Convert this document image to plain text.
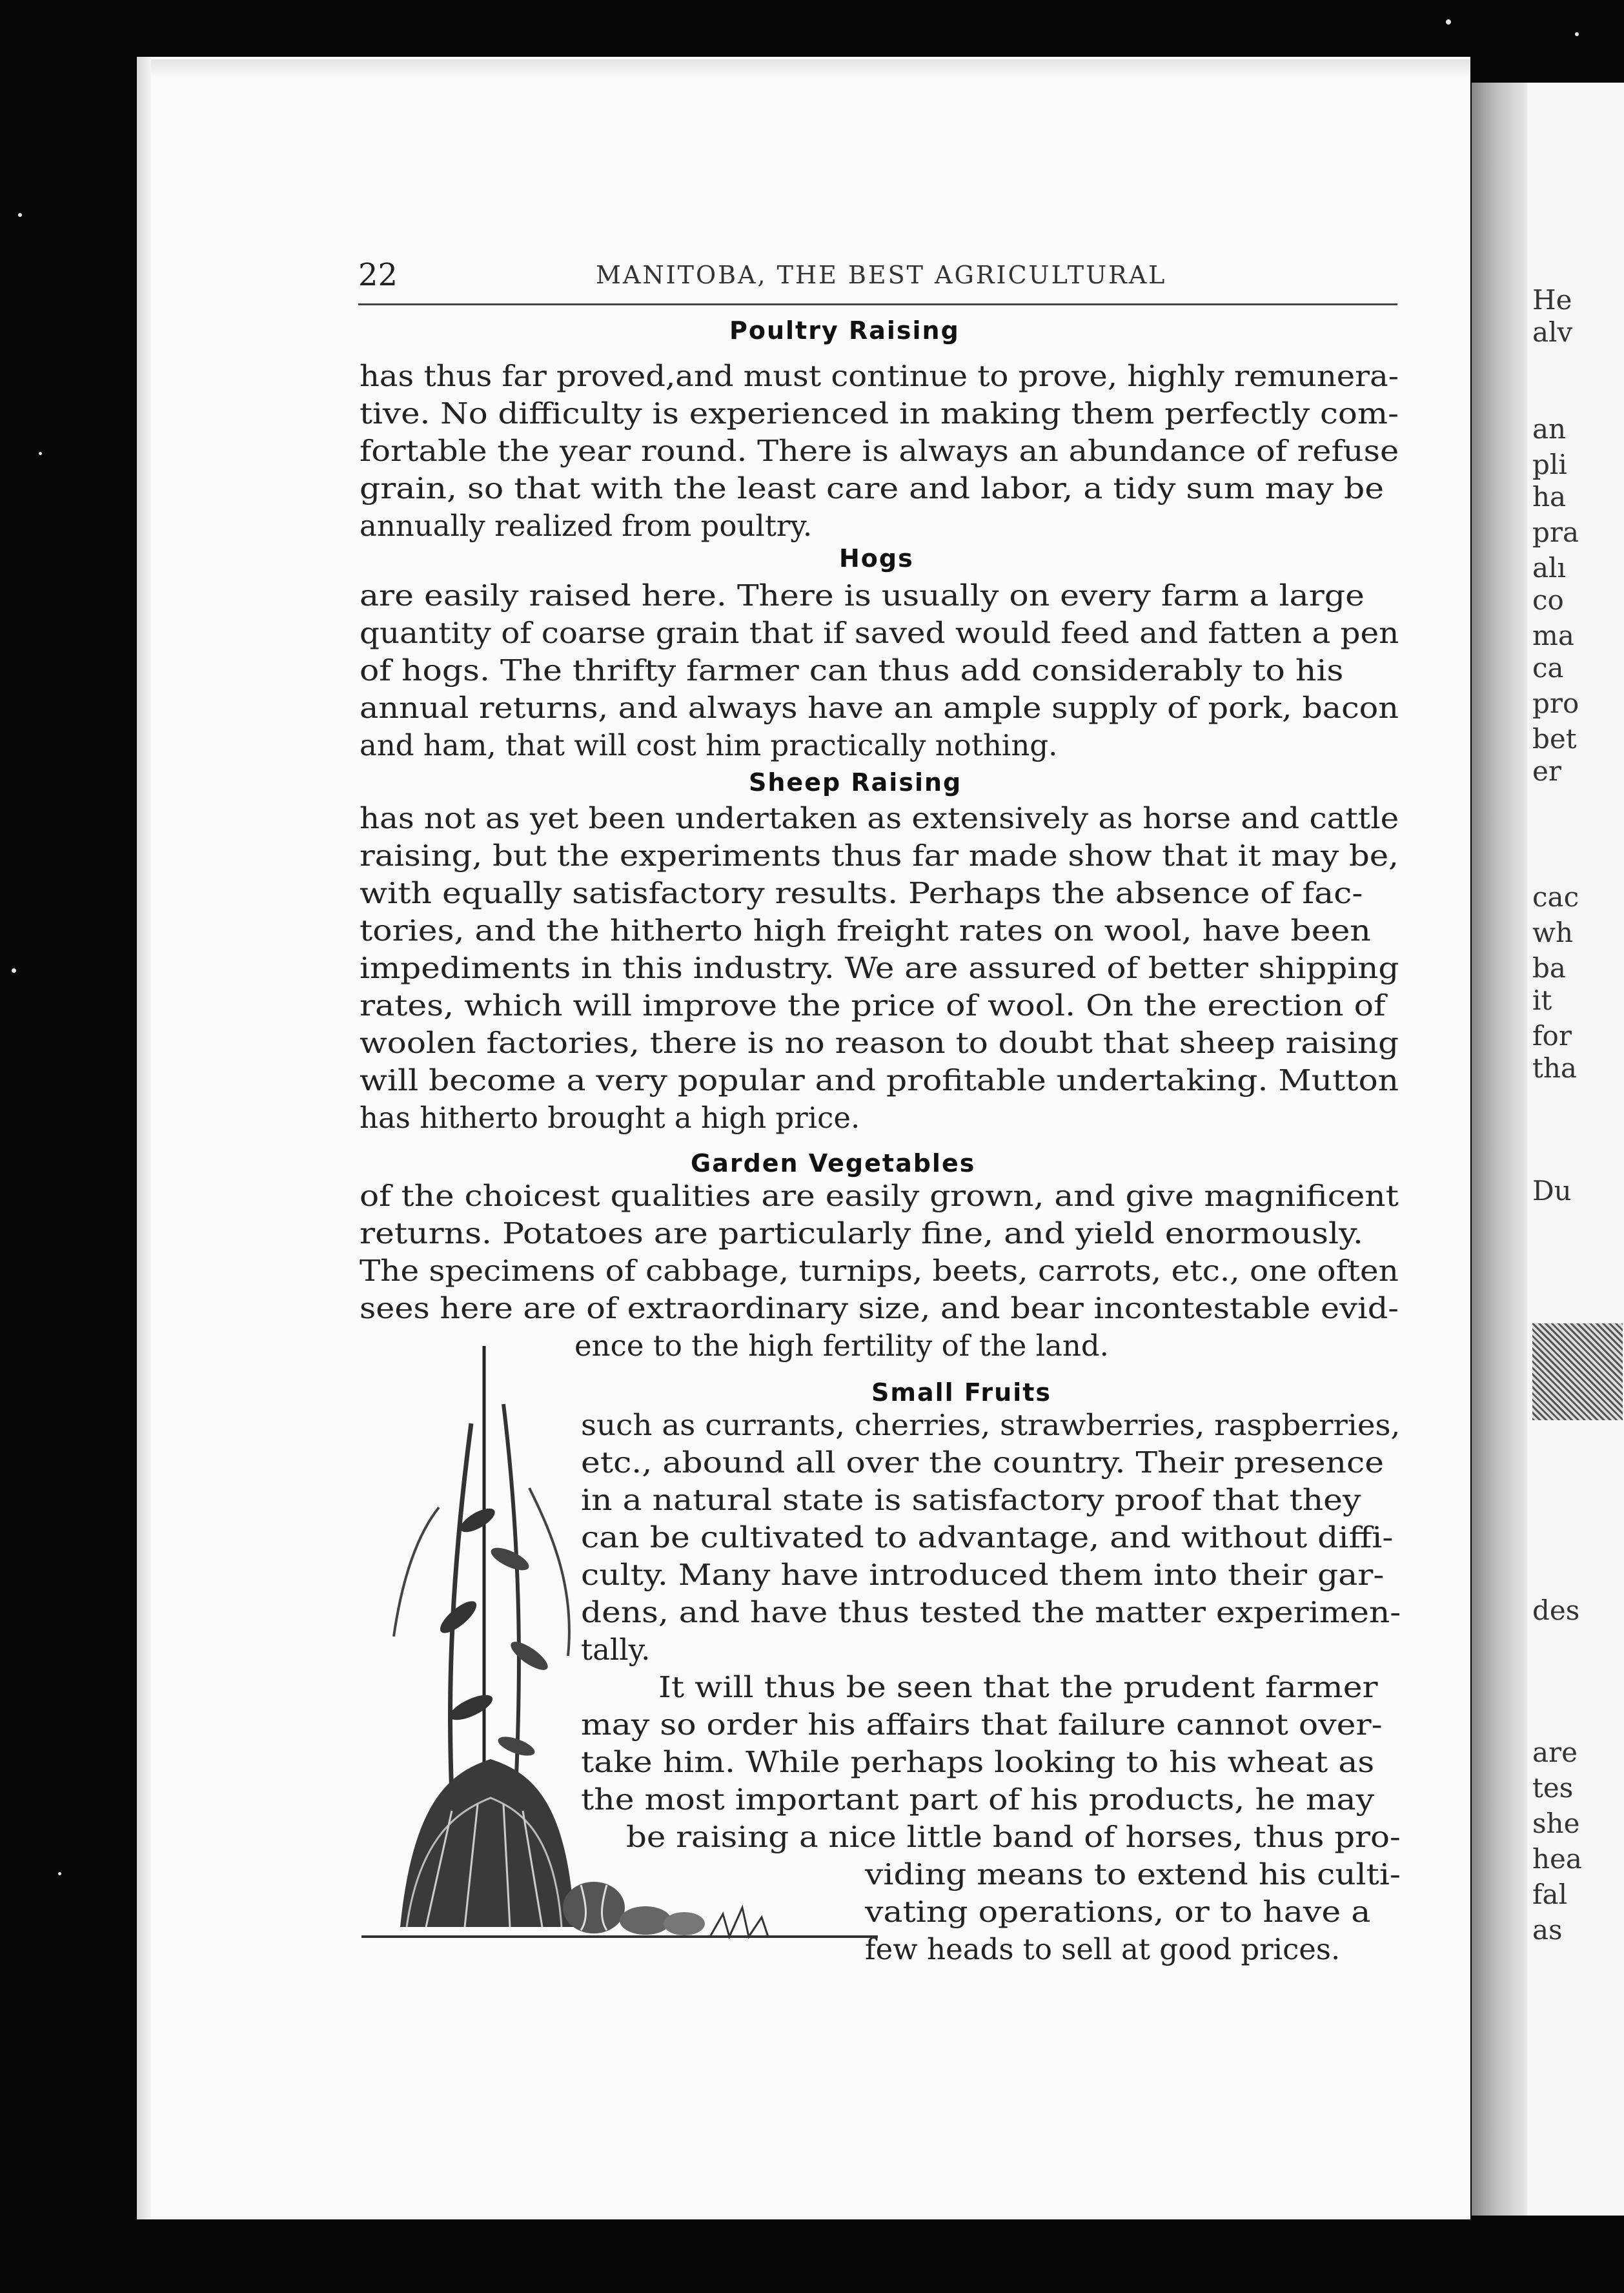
He
alv
an
pli
ha
pra
alı
co
ma
ca
pro
bet
er
cac
wh
ba
it
for
tha
Du
des
are
tes
she
hea
fal
as
22	MANITOBA, THE BEST AGRICULTURAL
Poultry Raising
has thus far proved,and must continue to prove, highly remunera-
tive. No difficulty is experienced in making them perfectly com-
fortable the year round. There is always an abundance of refuse
grain, so that with the least care and labor, a tidy sum may be
annually realized from poultry.
Hogs
are easily raised here. There is usually on every farm a large
quantity of coarse grain that if saved would feed and fatten a pen
of hogs. The thrifty farmer can thus add considerably to his
annual returns, and always have an ample supply of pork, bacon
and ham, that will cost him practically nothing.
Sheep Raising
has not as yet been undertaken as extensively as horse and cattle
raising, but the experiments thus far made show that it may be,
with equally satisfactory results. Perhaps the absence of fac-
tories, and the hitherto high freight rates on wool, have been
impediments in this industry. We are assured of better shipping
rates, which will improve the price of wool. On the erection of
woolen factories, there is no reason to doubt that sheep raising
will become a very popular and profitable undertaking. Mutton
has hitherto brought a high price.
Garden Vegetables
of the choicest qualities are easily grown, and give magnificent
returns. Potatoes are particularly fine, and yield enormously.
The specimens of cabbage, turnips, beets, carrots, etc., one often
sees here are of extraordinary size, and bear incontestable evid-
ence to the high fertility of the land.
Small Fruits
such as currants, cherries, strawberries, raspberries,
etc., abound all over the country. Their presence
in a natural state is satisfactory proof that they
can be cultivated to advantage, and without diffi-
culty. Many have introduced them into their gar-
dens, and have thus tested the matter experimen-
tally.
It will thus be seen that the prudent farmer
may so order his affairs that failure cannot over-
take him. While perhaps looking to his wheat as
the most important part of his products, he may
be raising a nice little band of horses, thus pro-
viding means to extend his culti-
vating operations, or to have a
few heads to sell at good prices.
